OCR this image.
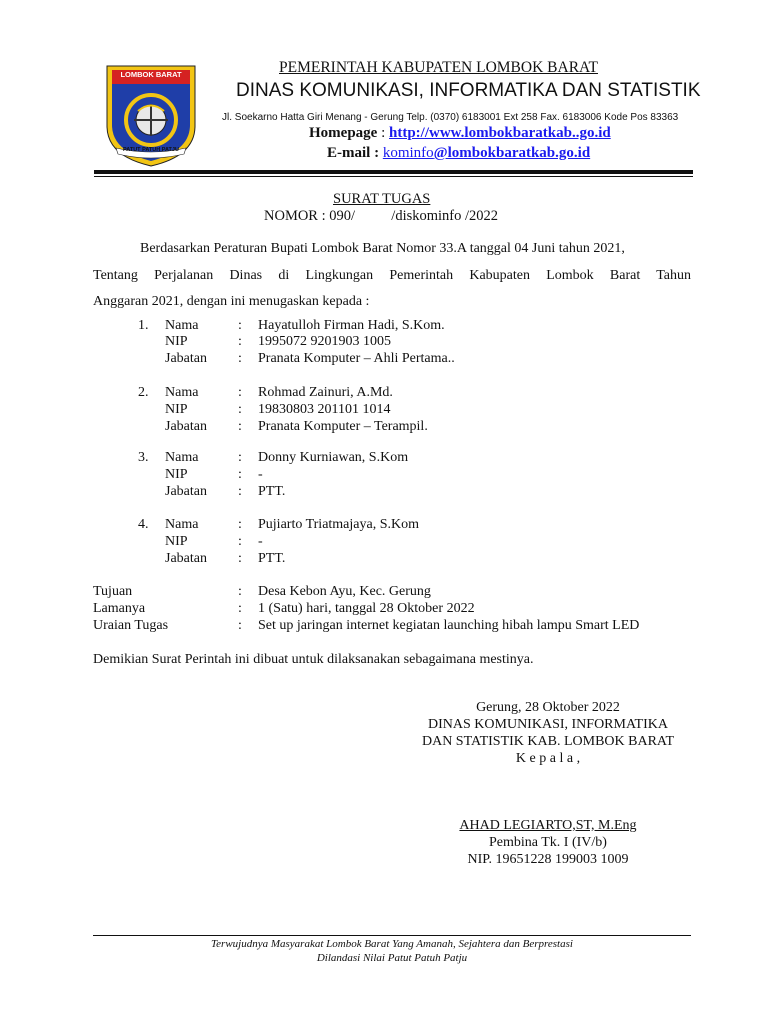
LOMBOK BARAT
PATUT PATUH PATJU
PEMERINTAH KABUPATEN LOMBOK BARAT
DINAS KOMUNIKASI, INFORMATIKA DAN STATISTIK
Jl. Soekarno Hatta Giri Menang - Gerung Telp. (0370) 6183001 Ext 258 Fax. 6183006 Kode Pos 83363
Homepage : http://www.lombokbaratkab..go.id
E-mail : kominfo@lombokbaratkab.go.id
SURAT TUGAS
NOMOR : 090/          /diskominfo /2022
Berdasarkan Peraturan Bupati Lombok Barat Nomor 33.A tanggal 04 Juni tahun 2021,
Tentang Perjalanan Dinas di Lingkungan Pemerintah Kabupaten Lombok Barat Tahun
Anggaran 2021, dengan ini menugaskan kepada :
1. Nama	: Hayatulloh Firman Hadi, S.Kom.
NIP	: 1995072 9201903 1005
Jabatan : Pranata Komputer – Ahli Pertama..
2. Nama	: Rohmad Zainuri, A.Md.
NIP	: 19830803 201101 1014
Jabatan : Pranata Komputer – Terampil.
3. Nama	: Donny Kurniawan, S.Kom
NIP	: -
Jabatan : PTT.
4. Nama	: Pujiarto Triatmajaya, S.Kom
NIP	: -
Jabatan : PTT.
Tujuan	: Desa Kebon Ayu, Kec. Gerung
Lamanya	: 1 (Satu) hari, tanggal 28 Oktober 2022
Uraian Tugas	: Set up jaringan internet kegiatan launching hibah lampu Smart LED
Demikian Surat Perintah ini dibuat untuk dilaksanakan sebagaimana mestinya.
Gerung, 28 Oktober 2022
DINAS KOMUNIKASI, INFORMATIKA
DAN STATISTIK KAB. LOMBOK BARAT
K e p a l a ,
AHAD LEGIARTO,ST, M.Eng
Pembina Tk. I (IV/b)
NIP. 19651228 199003 1009
Terwujudnya Masyarakat Lombok Barat Yang Amanah, Sejahtera dan Berprestasi
Dilandasi Nilai Patut Patuh Patju
